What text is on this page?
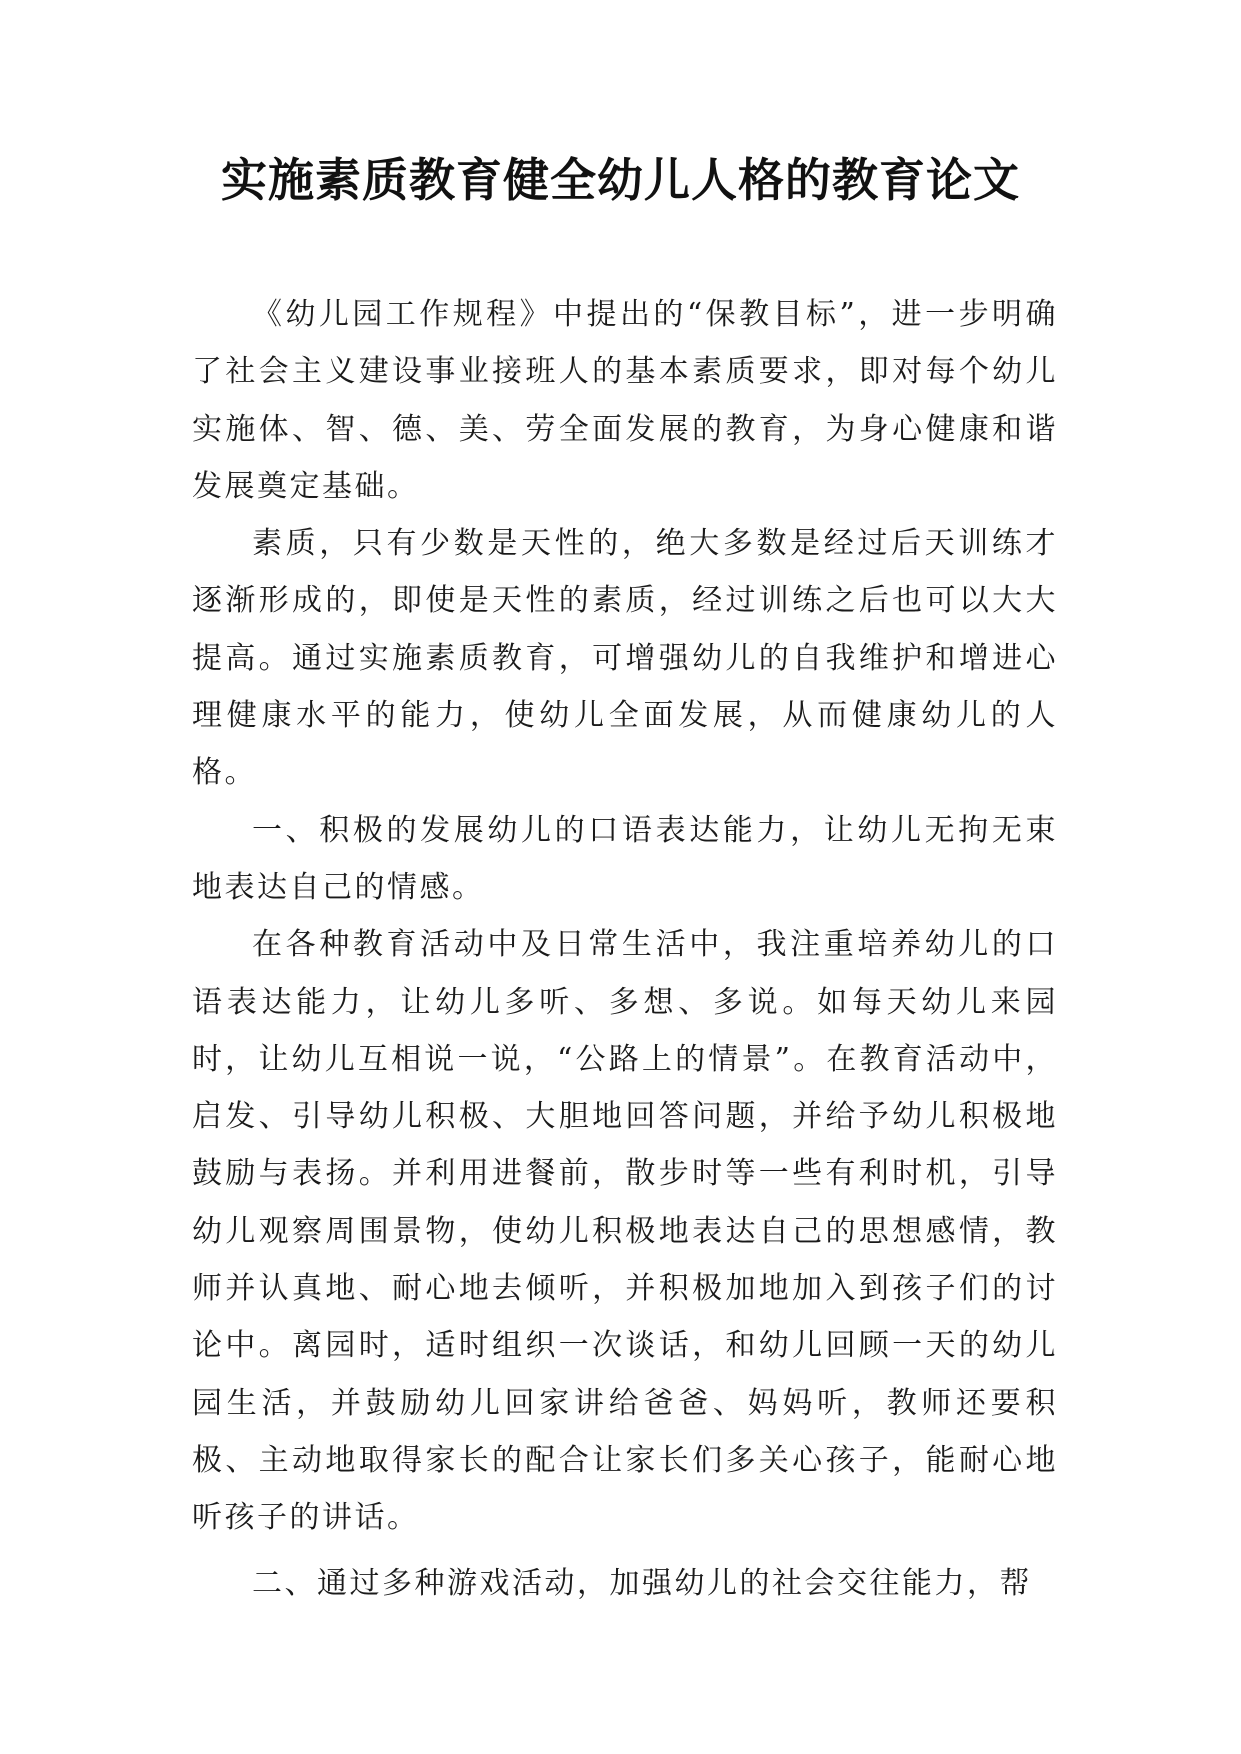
实施素质教育健全幼儿人格的教育论文

《幼儿园工作规程》中提出的“保教目标”，进一步明确了社会主义建设事业接班人的基本素质要求，即对每个幼儿实施体、智、德、美、劳全面发展的教育，为身心健康和谐发展奠定基础。

素质，只有少数是天性的，绝大多数是经过后天训练才逐渐形成的，即使是天性的素质，经过训练之后也可以大大提高。通过实施素质教育，可增强幼儿的自我维护和增进心理健康水平的能力，使幼儿全面发展，从而健康幼儿的人格。

一、积极的发展幼儿的口语表达能力，让幼儿无拘无束地表达自己的情感。

在各种教育活动中及日常生活中，我注重培养幼儿的口语表达能力，让幼儿多听、多想、多说。如每天幼儿来园时，让幼儿互相说一说，“公路上的情景”。在教育活动中，启发、引导幼儿积极、大胆地回答问题，并给予幼儿积极地鼓励与表扬。并利用进餐前，散步时等一些有利时机，引导幼儿观察周围景物，使幼儿积极地表达自己的思想感情，教师并认真地、耐心地去倾听，并积极加地加入到孩子们的讨论中。离园时，适时组织一次谈话，和幼儿回顾一天的幼儿园生活，并鼓励幼儿回家讲给爸爸、妈妈听，教师还要积极、主动地取得家长的配合让家长们多关心孩子，能耐心地听孩子的讲话。

二、通过多种游戏活动，加强幼儿的社会交往能力，帮
